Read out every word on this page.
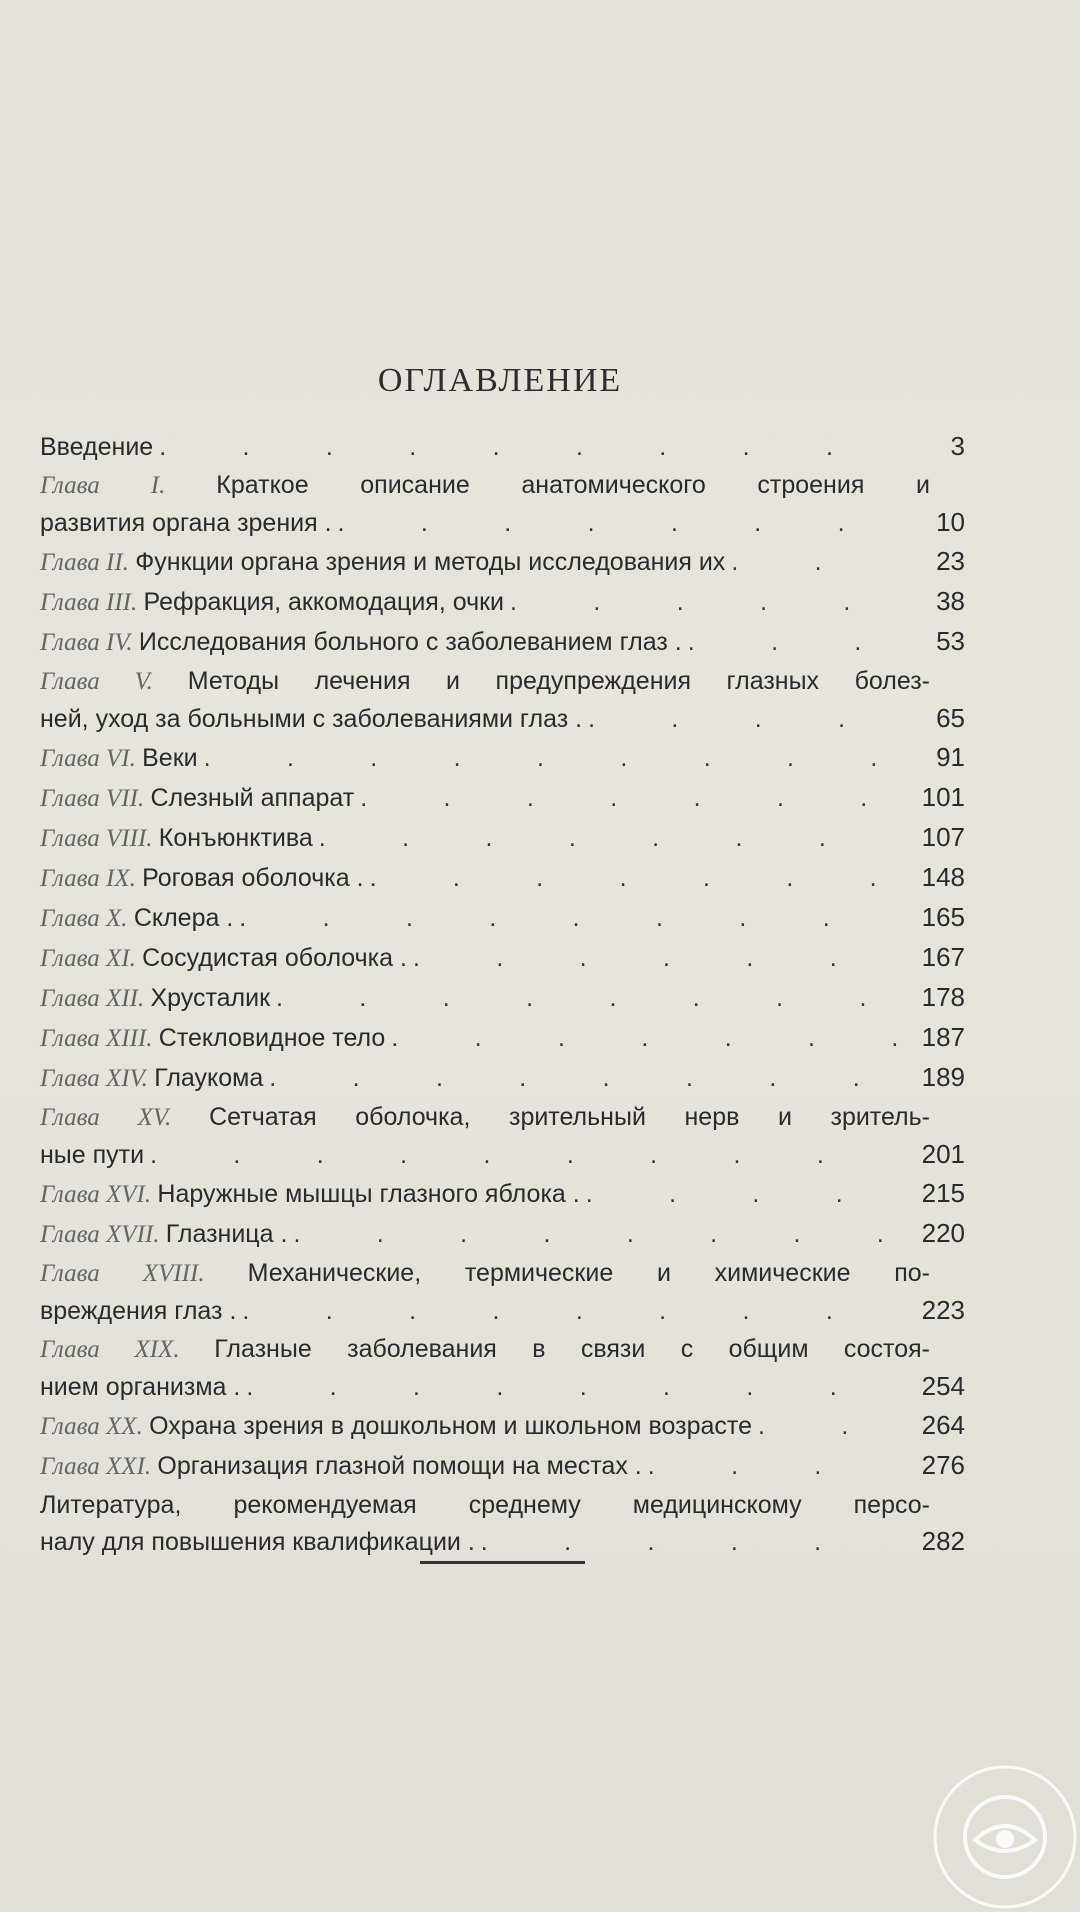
ОГЛАВЛЕНИЕ
Введение .	3
Глава I. Краткое описание анатомического строения и
развития органа зрения . .	10
Глава II. Функции органа зрения и методы исследования их .	23
Глава III. Рефракция, аккомодация, очки .	38
Глава IV. Исследования больного с заболеванием глаз . .	53
Глава V. Методы лечения и предупреждения глазных болез-
ней, уход за больными с заболеваниями глаз . .	65
Глава VI. Веки .	91
Глава VII. Слезный аппарат .	101
Глава VIII. Конъюнктива .	107
Глава IX. Роговая оболочка . .	148
Глава X. Склера . .	165
Глава XI. Сосудистая оболочка . .	167
Глава XII. Хрусталик .	178
Глава XIII. Стекловидное тело .	187
Глава XIV. Глаукома .	189
Глава XV. Сетчатая оболочка, зрительный нерв и зритель-
ные пути .	201
Глава XVI. Наружные мышцы глазного яблока . .	215
Глава XVII. Глазница . .	220
Глава XVIII. Механические, термические и химические по-
вреждения глаз . .	223
Глава XIX. Глазные заболевания в связи с общим состоя-
нием организма . .	254
Глава XX. Охрана зрения в дошкольном и школьном возрасте .	264
Глава XXI. Организация глазной помощи на местах . .	276
Литература, рекомендуемая среднему медицинскому персо-
налу для повышения квалификации . .	282
